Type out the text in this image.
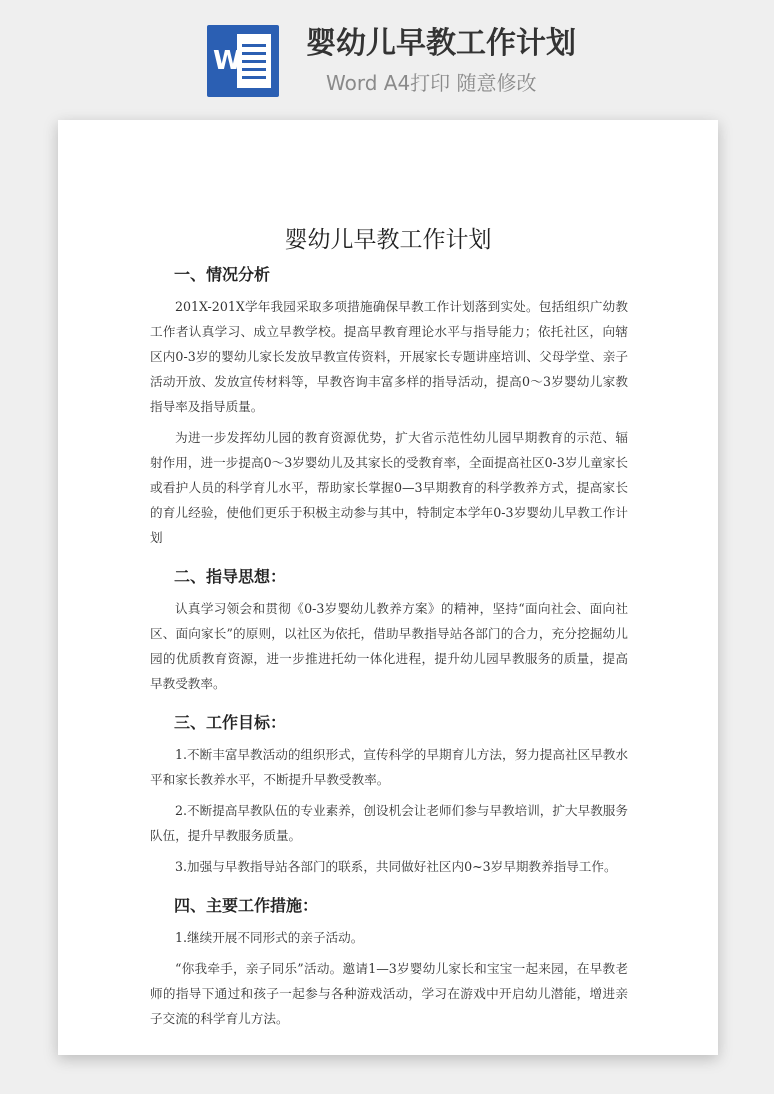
W 婴幼儿早教工作计划
Word A4打印 随意修改
婴幼儿早教工作计划
一、情况分析

201X-201X学年我园采取多项措施确保早教工作计划落到实处。包括组织广幼教工作者认真学习、成立早教学校。提高早教育理论水平与指导能力；依托社区，向辖区内0-3岁的婴幼儿家长发放早教宣传资料，开展家长专题讲座培训、父母学堂、亲子活动开放、发放宣传材料等，早教咨询丰富多样的指导活动，提高0～3岁婴幼儿家教指导率及指导质量。

为进一步发挥幼儿园的教育资源优势，扩大省示范性幼儿园早期教育的示范、辐射作用，进一步提高0～3岁婴幼儿及其家长的受教育率，全面提高社区0-3岁儿童家长或看护人员的科学育儿水平，帮助家长掌握0—3早期教育的科学教养方式，提高家长的育儿经验，使他们更乐于积极主动参与其中，特制定本学年0-3岁婴幼儿早教工作计划

二、指导思想：

认真学习领会和贯彻《0-3岁婴幼儿教养方案》的精神，坚持“面向社会、面向社区、面向家长”的原则，以社区为依托，借助早教指导站各部门的合力，充分挖掘幼儿园的优质教育资源，进一步推进托幼一体化进程，提升幼儿园早教服务的质量，提高早教受教率。

三、工作目标：

1.不断丰富早教活动的组织形式，宣传科学的早期育儿方法，努力提高社区早教水平和家长教养水平，不断提升早教受教率。

2.不断提高早教队伍的专业素养，创设机会让老师们参与早教培训，扩大早教服务队伍，提升早教服务质量。

3.加强与早教指导站各部门的联系，共同做好社区内0~3岁早期教养指导工作。

四、主要工作措施：

1.继续开展不同形式的亲子活动。

“你我牵手，亲子同乐”活动。邀请1—3岁婴幼儿家长和宝宝一起来园，在早教老师的指导下通过和孩子一起参与各种游戏活动，学习在游戏中开启幼儿潜能，增进亲子交流的科学育儿方法。
